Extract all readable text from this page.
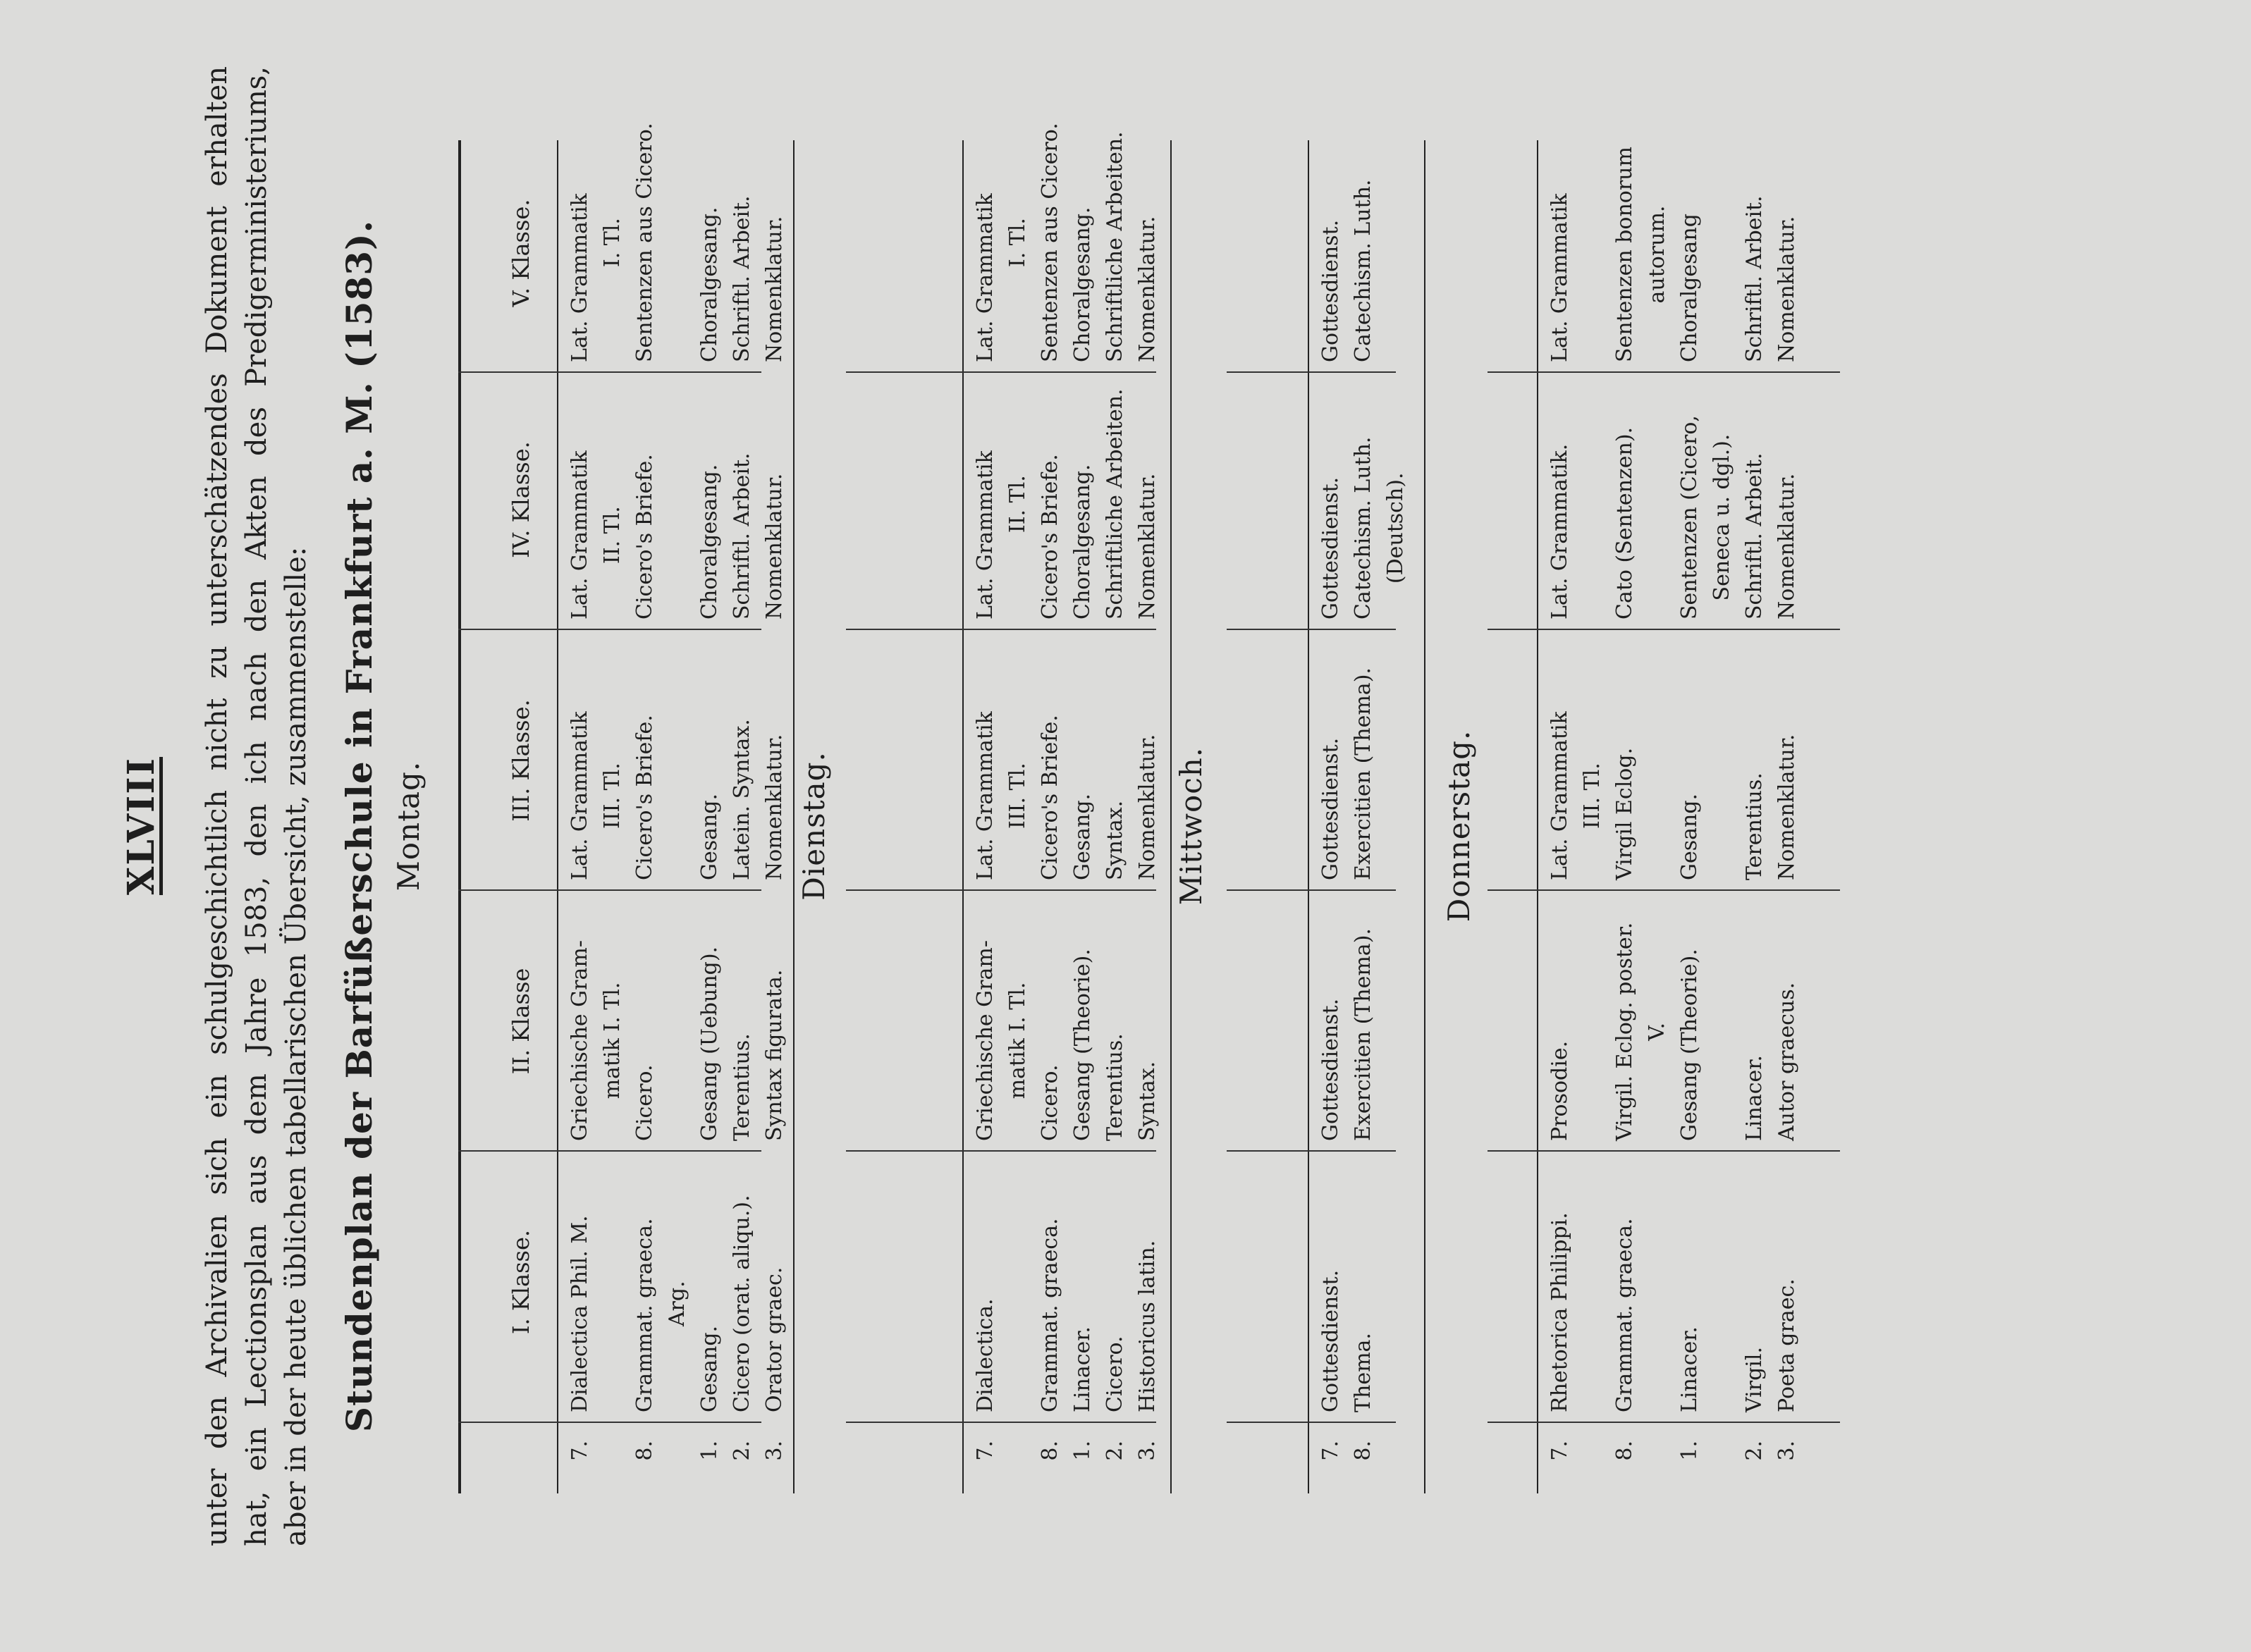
XLVIII unter den Archivalien sich ein schulgeschichtlich nicht zu unterschätzendes Dokument erhalten hat, ein Lectionsplan aus dem Jahre 1583, den ich nach den Akten des Predigerministeriums, aber in der heute üblichen tabellarischen Übersicht, zusammenstelle: Stundenplan der Barfüßerschule in Frankfurt a. M. (1583). Montag.
I. Klasse.
II. Klasse
III. Klasse.
IV. Klasse.
V. Klasse.
7. 8. 1. 2. 3.
Dialectica Phil. M. Grammat. graeca. Arg.
Gesang. Cicero (orat. aliqu.). Orator graec.
Griechische Gram- matik I. Tl.
Cicero. Gesang (Uebung). Terentius. Syntax figurata.
Lat. Grammatik III. Tl. Cicero's Briefe. Gesang. Latein. Syntax. Nomenklatur.
Lat. Grammatik II. Tl. Cicero's Briefe. Choralgesang. Schriftl. Arbeit. Nomenklatur.
Lat. Grammatik I. Tl. Sentenzen aus Cicero. Choralgesang. Schriftl. Arbeit. Nomenklatur.
Dienstag.
7. 8. 1. 2. 3.
Dialectica. Grammat. graeca. Linacer. Cicero. Historicus latin.
Griechische Gram- matik I. Tl.
Cicero. Gesang (Theorie). Terentius. Syntax.
Lat. Grammatik III. Tl. Cicero's Briefe. Gesang. Syntax. Nomenklatur.
Lat. Grammatik II. Tl. Cicero's Briefe. Choralgesang. Schriftliche Arbeiten. Nomenklatur.
Lat. Grammatik I. Tl. Sentenzen aus Cicero. Choralgesang. Schriftliche Arbeiten. Nomenklatur.
Mittwoch.
7. 8.
Gottesdienst. Thema.
Gottesdienst. Exercitien (Thema).
Gottesdienst. Exercitien (Thema).
Gottesdienst. Catechism. Luth. (Deutsch).
Gottesdienst. Catechism. Luth.
Donnerstag.
7. 8. 1. 2. 3.
Rhetorica Philippi. Grammat. graeca. Linacer. Virgil. Poeta graec.
Prosodie. Virgil. Eclog. poster. V. Gesang (Theorie). Linacer. Autor graecus.
Lat. Grammatik III. Tl. Virgil Eclog. Gesang. Terentius. Nomenklatur.
Lat. Grammatik. Cato (Sentenzen). Sentenzen (Cicero, Seneca u. dgl.). Schriftl. Arbeit. Nomenklatur.
Lat. Grammatik Sentenzen bonorum autorum. Choralgesang Schriftl. Arbeit. Nomenklatur.
